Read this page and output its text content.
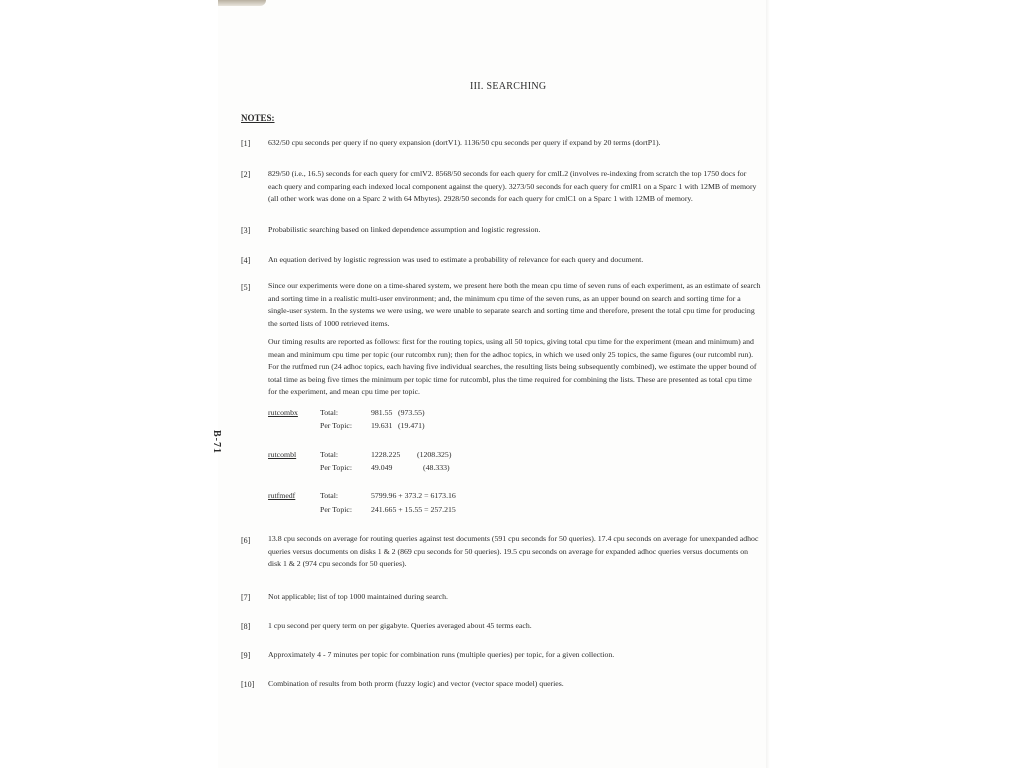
III. SEARCHING
NOTES:
B-71
[1] 632/50 cpu seconds per query if no query expansion (dortV1). 1136/50 cpu seconds per query if expand by 20 terms (dortP1).
[2] 829/50 (i.e., 16.5) seconds for each query for cmlV2. 8568/50 seconds for each query for cmlL2 (involves re-indexing from scratch the top 1750 docs for each query and comparing each indexed local component against the query). 3273/50 seconds for each query for cmlR1 on a Sparc 1 with 12MB of memory (all other work was done on a Sparc 2 with 64 Mbytes). 2928/50 seconds for each query for cmlC1 on a Sparc 1 with 12MB of memory.
[3] Probabilistic searching based on linked dependence assumption and logistic regression.
[4] An equation derived by logistic regression was used to estimate a probability of relevance for each query and document.
[5] Since our experiments were done on a time-shared system, we present here both the mean cpu time of seven runs of each experiment, as an estimate of search and sorting time in a realistic multi-user environment; and, the minimum cpu time of the seven runs, as an upper bound on search and sorting time for a single-user system. In the systems we were using, we were unable to separate search and sorting time and therefore, present the total cpu time for producing the sorted lists of 1000 retrieved items.
Our timing results are reported as follows: first for the routing topics, using all 50 topics, giving total cpu time for the experiment (mean and minimum) and mean and minimum cpu time per topic (our rutcombx run); then for the adhoc topics, in which we used only 25 topics, the same figures (our rutcombl run). For the rutfmed run (24 adhoc topics, each having five individual searches, the resulting lists being subsequently combined), we estimate the upper bound of total time as being five times the minimum per topic time for rutcombl, plus the time required for combining the lists. These are presented as total cpu time for the experiment, and mean cpu time per topic.
rutcombx	Total:	981.55 (973.55)
Per Topic: 19.631 (19.471)
rutcombl	Total:	1228.225 (1208.325)
Per Topic: 49.049	(48.333)
rutfmedf	Total:	5799.96 + 373.2 = 6173.16
Per Topic: 241.665 + 15.55 = 257.215
[6] 13.8 cpu seconds on average for routing queries against test documents (591 cpu seconds for 50 queries). 17.4 cpu seconds on average for unexpanded adhoc queries versus documents on disks 1 & 2 (869 cpu seconds for 50 queries). 19.5 cpu seconds on average for expanded adhoc queries versus documents on disk 1 & 2 (974 cpu seconds for 50 queries).
[7] Not applicable; list of top 1000 maintained during search.
[8] 1 cpu second per query term on per gigabyte. Queries averaged about 45 terms each.
[9] Approximately 4 - 7 minutes per topic for combination runs (multiple queries) per topic, for a given collection.
[10] Combination of results from both prorm (fuzzy logic) and vector (vector space model) queries.
